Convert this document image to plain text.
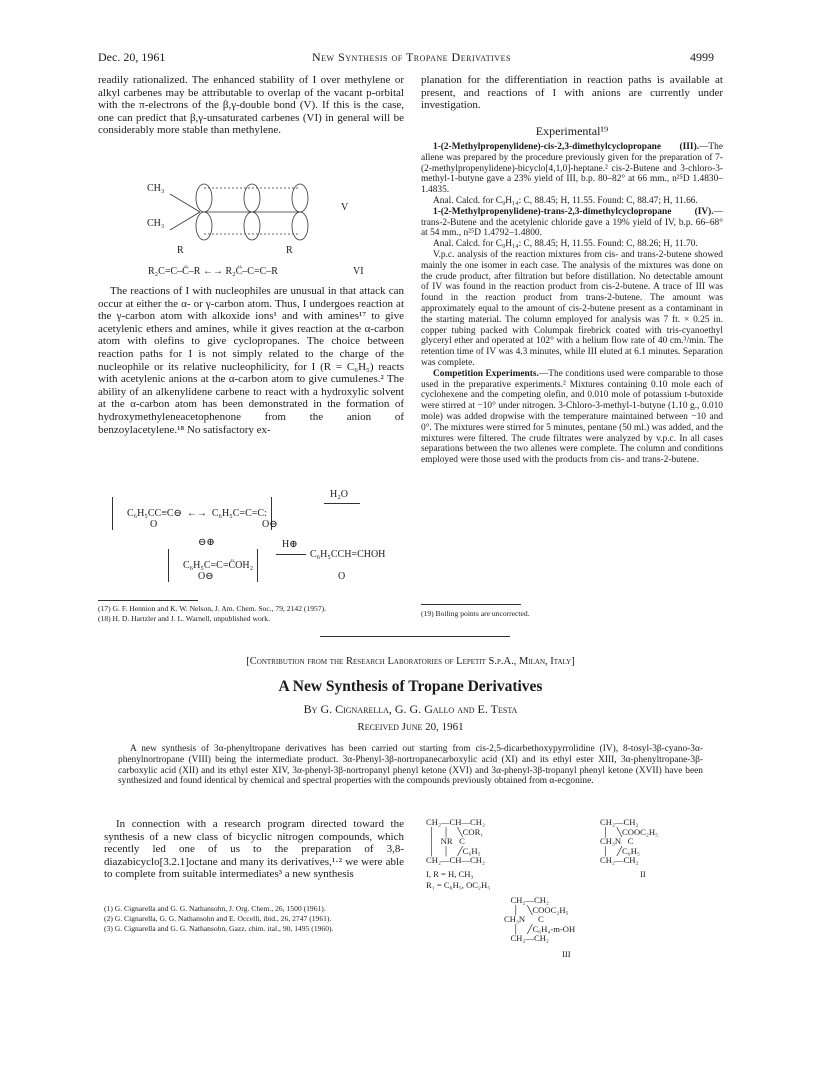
Dec. 20, 1961	New Synthesis of Tropane Derivatives	4999

readily rationalized. The enhanced stability of I over methylene or alkyl carbenes may be attributable to overlap of the vacant p-orbital with the π-electrons of the β,γ-double bond (V). If this is the case, one can predict that β,γ-unsaturated carbenes (VI) in general will be considerably more stable than methylene.

CH₃
CH₃
V
R	R
R₂C=C–C̈–R ←→ R₂C̈–C=C–R	VI

The reactions of I with nucleophiles are unusual in that attack can occur at either the α- or γ-carbon atom. Thus, I undergoes reaction at the γ-carbon atom with alkoxide ions¹ and with amines¹⁷ to give acetylenic ethers and amines, while it gives reaction at the α-carbon atom with olefins to give cyclopropanes. The choice between reaction paths for I is not simply related to the charge of the nucleophile or its relative nucleophilicity, for I (R = C₆H₅) reacts with acetylenic anions at the α-carbon atom to give cumulenes.² The ability of an alkenylidene carbene to react with a hydroxylic solvent at the α-carbon atom has been demonstrated in the formation of hydroxymethyleneacetophenone from the anion of benzoylacetylene.¹⁸ No satisfactory ex-

C₆H₅CC≡C⊖  ←→  C₆H₅C=C=C:

O	O⊖
H₂O
⊖⊕

C₆H₅C=C=C̈OH₂

O⊖
H⊕
C₆H₅CCH=CHOH
O
(17) G. F. Hennion and K. W. Nelson, J. Am. Chem. Soc., 79, 2142 (1957).
(18) H. D. Hartzler and J. L. Warnell, unpublished work.

planation for the differentiation in reaction paths is available at present, and reactions of I with anions are currently under investigation.

Experimental¹⁹

1-(2-Methylpropenylidene)-cis-2,3-dimethylcyclopropane (III).—The allene was prepared by the procedure previously given for the preparation of 7-(2-methylpropenylidene)-bicyclo[4,1,0]-heptane.² cis-2-Butene and 3-chloro-3-methyl-1-butyne gave a 23% yield of III, b.p. 80–82° at 66 mm., n²⁵D 1.4830–1.4835.

Anal. Calcd. for C₉H₁₄: C, 88.45; H, 11.55. Found: C, 88.47; H, 11.66.

1-(2-Methylpropenylidene)-trans-2,3-dimethylcyclopropane (IV).—trans-2-Butene and the acetylenic chloride gave a 19% yield of IV, b.p. 66–68° at 54 mm., n²⁵D 1.4792–1.4800.

Anal. Calcd. for C₉H₁₄: C, 88.45; H, 11.55. Found: C, 88.26; H, 11.70.

V.p.c. analysis of the reaction mixtures from cis- and trans-2-butene showed mainly the one isomer in each case. The analysis of the mixtures was done on the crude product, after filtration but before distillation. No detectable amount of IV was found in the reaction product from cis-2-butene. A trace of III was found in the reaction product from trans-2-butene. The amount was approximately equal to the amount of cis-2-butene present as a contaminant in the starting material. The column employed for analysis was 7 ft. × 0.25 in. copper tubing packed with Columpak firebrick coated with tris-cyanoethyl glyceryl ether and operated at 102° with a helium flow rate of 40 cm.³/min. The retention time of IV was 4.3 minutes, while III eluted at 6.1 minutes. Separation was complete.

Competition Experiments.—The conditions used were comparable to those used in the preparative experiments.² Mixtures containing 0.10 mole each of cyclohexene and the competing olefin, and 0.010 mole of potassium t-butoxide were stirred at −10° under nitrogen. 3-Chloro-3-methyl-1-butyne (1.10 g., 0.010 mole) was added dropwise with the temperature maintained between −10 and 0°. The mixtures were stirred for 5 minutes, pentane (50 ml.) was added, and the mixtures were filtered. The crude filtrates were analyzed by v.p.c. In all cases separations between the two allenes were complete. The column and conditions employed were those used with the products from cis- and trans-2-butene.

(19) Boiling points are uncorrected.
[Contribution from the Research Laboratories of Lepetit S.p.A., Milan, Italy]
A New Synthesis of Tropane Derivatives
By G. Cignarella, G. G. Gallo and E. Testa
Received June 20, 1961

A new synthesis of 3α-phenyltropane derivatives has been carried out starting from cis-2,5-dicarbethoxypyrrolidine (IV), 8-tosyl-3β-cyano-3α-phenylnortropane (VIII) being the intermediate product. 3α-Phenyl-3β-nortropanecarboxylic acid (XI) and its ethyl ester XIII, 3α-phenyltropane-3β-carboxylic acid (XII) and its ethyl ester XIV, 3α-phenyl-3β-nortropanyl phenyl ketone (XVI) and 3α-phenyl-3β-tropanyl phenyl ketone (XVII) have been synthesized and found identical by chemical and spectral properties with the compounds previously obtained from α-ecgonine.

In connection with a research program directed toward the synthesis of a new class of bicyclic nitrogen compounds, which recently led one of us to the preparation of 3,8-diazabicyclo[3.2.1]octane and many its derivatives,¹·² we were able to complete from suitable intermediates³ a new synthesis

(1) G. Cignarella and G. G. Nathansohn, J. Org. Chem., 26, 1500 (1961).
(2) G. Cignarella, G. G. Nathansohn and E. Occelli, ibid., 26, 2747 (1961).
(3) G. Cignarella and G. G. Nathansohn, Gazz. chim. ital., 90, 1495 (1960).
CH₂—CH—CH₂
│    │    ╲COR₁
│   NR   C
│    │    ╱C₆H₅
CH₂—CH—CH₂
I, R = H, CH₃
R₁ = C₆H₅, OC₂H₅
CH₂—CH₂
│    ╲COOC₂H₅
CH₃N   C
│    ╱C₆H₅
CH₂—CH₂
II
CH₂—CH₂
│    ╲COOC₂H₅
CH₃N      C
│    ╱C₆H₄-m-OH
CH₂—CH₂
III
